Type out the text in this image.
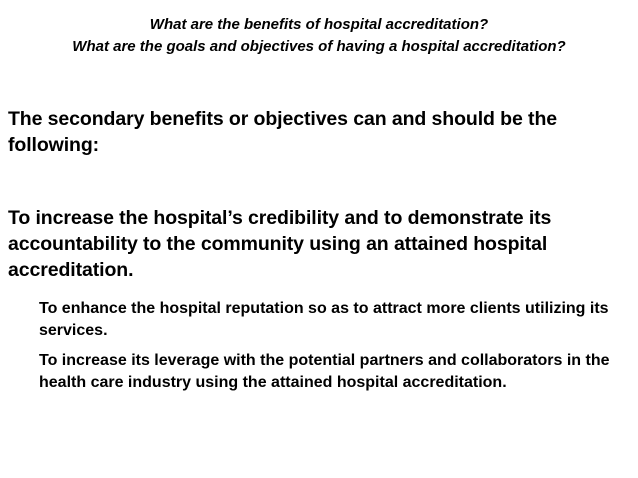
What are the benefits of hospital accreditation?
What are the goals and objectives of having a hospital accreditation?
The secondary benefits or objectives can and should be the following:
To increase the hospital’s credibility and to demonstrate its accountability to the community using an attained hospital accreditation.
To enhance the hospital reputation so as to attract more clients utilizing its services.
To increase its leverage with the potential partners and collaborators in the health care industry using the attained hospital accreditation.
